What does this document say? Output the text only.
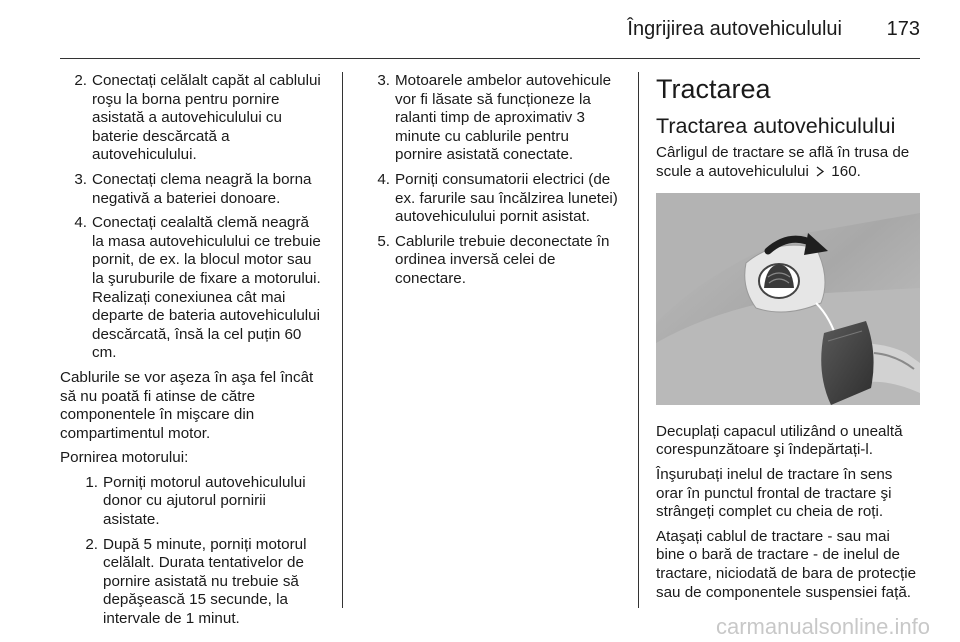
Îngrijirea autovehiculului 173
2. Conectați celălalt capăt al cablului roşu la borna pentru pornire asistată a autovehiculului cu baterie descărcată a autovehiculului.
3. Conectați clema neagră la borna negativă a bateriei donoare.
4. Conectați cealaltă clemă neagră la masa autovehiculului ce trebuie pornit, de ex. la blocul motor sau la şuruburile de fixare a motorului. Realizați conexiunea cât mai departe de bateria autovehiculului descărcată, însă la cel puțin 60 cm.

Cablurile se vor aşeza în aşa fel încât să nu poată fi atinse de către componentele în mişcare din compartimentul motor.

Pornirea motorului:

1. Porniți motorul autovehiculului donor cu ajutorul pornirii asistate.
2. După 5 minute, porniți motorul celălalt. Durata tentativelor de pornire asistată nu trebuie să depăşească 15 secunde, la intervale de 1 minut.
3. Motoarele ambelor autovehicule vor fi lăsate să funcționeze la ralanti timp de aproximativ 3 minute cu cablurile pentru pornire asistată conectate.
4. Porniți consumatorii electrici (de ex. farurile sau încălzirea lunetei) autovehiculului pornit asistat.
5. Cablurile trebuie deconectate în ordinea inversă celei de conectare.
Tractarea
Tractarea autovehiculului

Cârligul de tractare se află în trusa de scule a autovehiculului 160.

Decuplați capacul utilizând o unealtă corespunzătoare şi îndepărtați-l.

Înşurubați inelul de tractare în sens orar în punctul frontal de tractare şi strângeți complet cu cheia de roți.

Ataşați cablul de tractare - sau mai bine o bară de tractare - de inelul de tractare, niciodată de bara de protecție sau de componentele suspensiei față.

carmanualsonline.info
